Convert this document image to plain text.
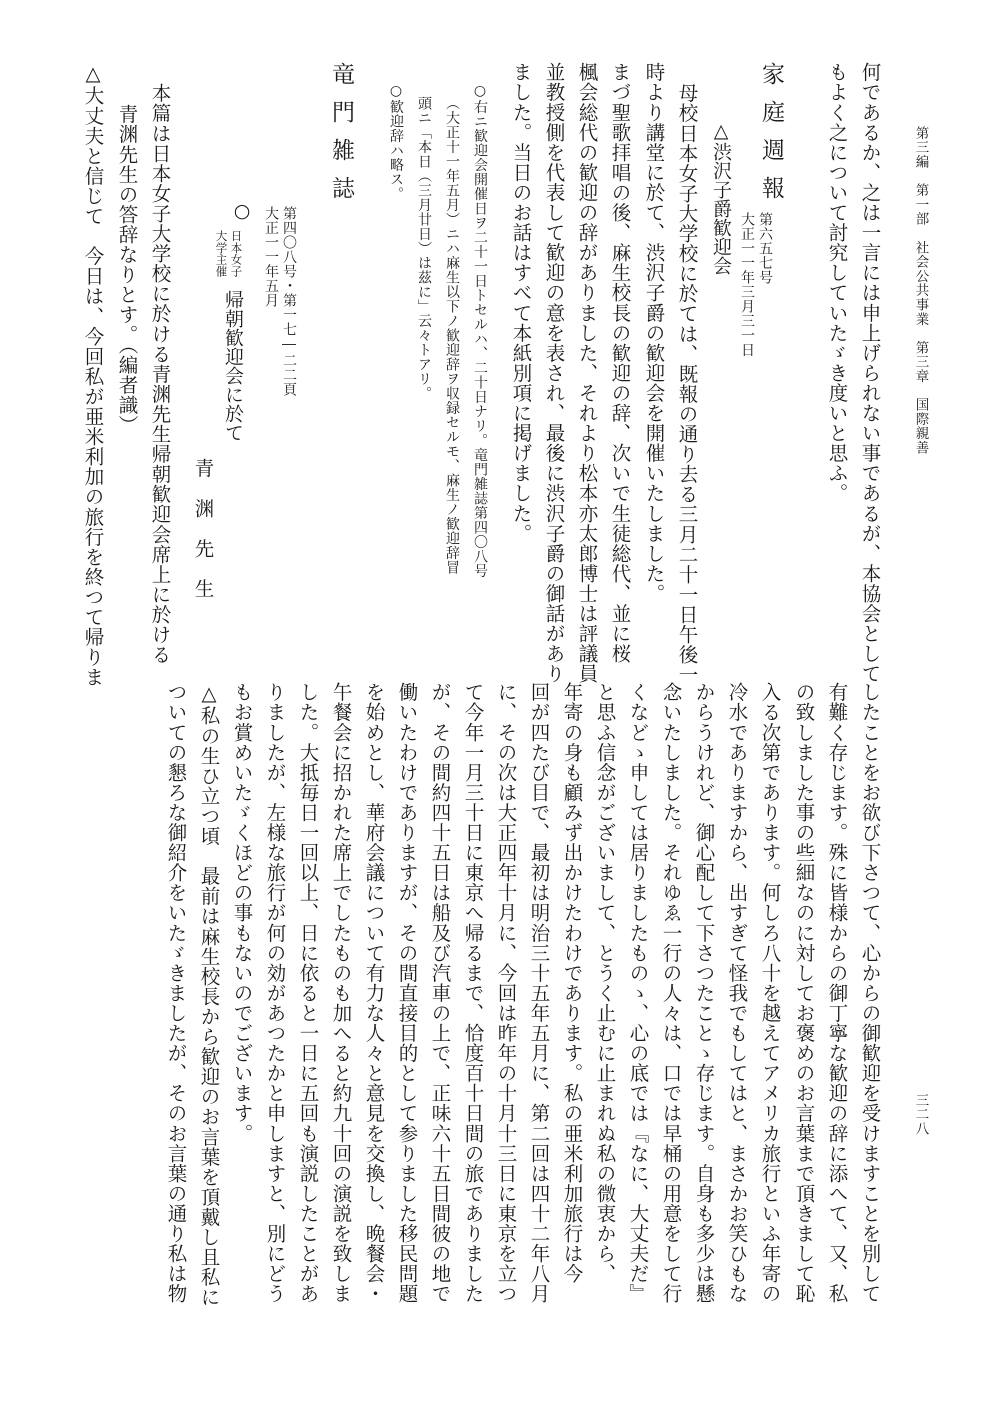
第三編　第一部　社会公共事業　第三章　国際親善
三二八
何であるか、之は一言には申上げられない事であるが、本協会として
もよく之について討究していたゞき度いと思ふ。
家庭週報
第六五七号
大正一一年三月三一日
△渋沢子爵歓迎会
母校日本女子大学校に於ては、既報の通り去る三月二十一日午後一
時より講堂に於て、渋沢子爵の歓迎会を開催いたしました。
まづ聖歌拝唱の後、麻生校長の歓迎の辞、次いで生徒総代、並に桜
楓会総代の歓迎の辞がありました、それより松本亦太郎博士は評議員
並教授側を代表して歓迎の意を表され、最後に渋沢子爵の御話があり
ました。当日のお話はすべて本紙別項に掲げました。
○右ニ歓迎会開催日ヲ二十一日トセルハ、二十日ナリ。竜門雑誌第四〇八号
（大正十一年五月）ニハ麻生以下ノ歓迎辞ヲ収録セルモ、麻生ノ歓迎辞冒
頭ニ「本日（三月廿日）は茲に」云々トアリ。
○歓迎辞ハ略ス。
竜門雑誌
第四〇八号・第一七―二二頁
大正一一年五月
○
日本女子
大学主催
帰朝歓迎会に於て
青　渊　先　生
本篇は日本女子大学校に於ける青渊先生帰朝歓迎会席上に於ける
青渊先生の答辞なりとす。（編者識）
△大丈夫と信じて　今日は、今回私が亜米利加の旅行を終つて帰りま
したことをお欲び下さつて、心からの御歓迎を受けますことを別して
有難く存じます。殊に皆様からの御丁寧な歓迎の辞に添へて、又、私
の致しました事の些細なのに対してお褒めのお言葉まで頂きまして恥
入る次第であります。何しろ八十を越えてアメリカ旅行といふ年寄の
冷水でありますから、出すぎて怪我でもしてはと、まさかお笑ひもな
からうけれど、御心配して下さつたことゝ存じます。自身も多少は懸
念いたしました。それゆゑ一行の人々は、口では早桶の用意をして行
くなどゝ申しては居りましたものゝ、心の底では『なに、大丈夫だ』
と思ふ信念がございまして、とうく止むに止まれぬ私の微衷から、
年寄の身も顧みず出かけたわけであります。私の亜米利加旅行は今
回が四たび目で、最初は明治三十五年五月に、第二回は四十二年八月
に、その次は大正四年十月に、今回は昨年の十月十三日に東京を立つ
て今年一月三十日に東京へ帰るまで、恰度百十日間の旅でありました
が、その間約四十五日は船及び汽車の上で、正味六十五日間彼の地で
働いたわけでありますが、その間直接目的として参りました移民問題
を始めとし、華府会議について有力な人々と意見を交換し、晩餐会・
午餐会に招かれた席上でしたものも加へると約九十回の演説を致しま
した。大抵毎日一回以上、日に依ると一日に五回も演説したことがあ
りましたが、左様な旅行が何の効があつたかと申しますと、別にどう
もお賞めいたゞくほどの事もないのでございます。
△私の生ひ立つ頃　最前は麻生校長から歓迎のお言葉を頂戴し且私に
ついての懇ろな御紹介をいたゞきましたが、そのお言葉の通り私は物
